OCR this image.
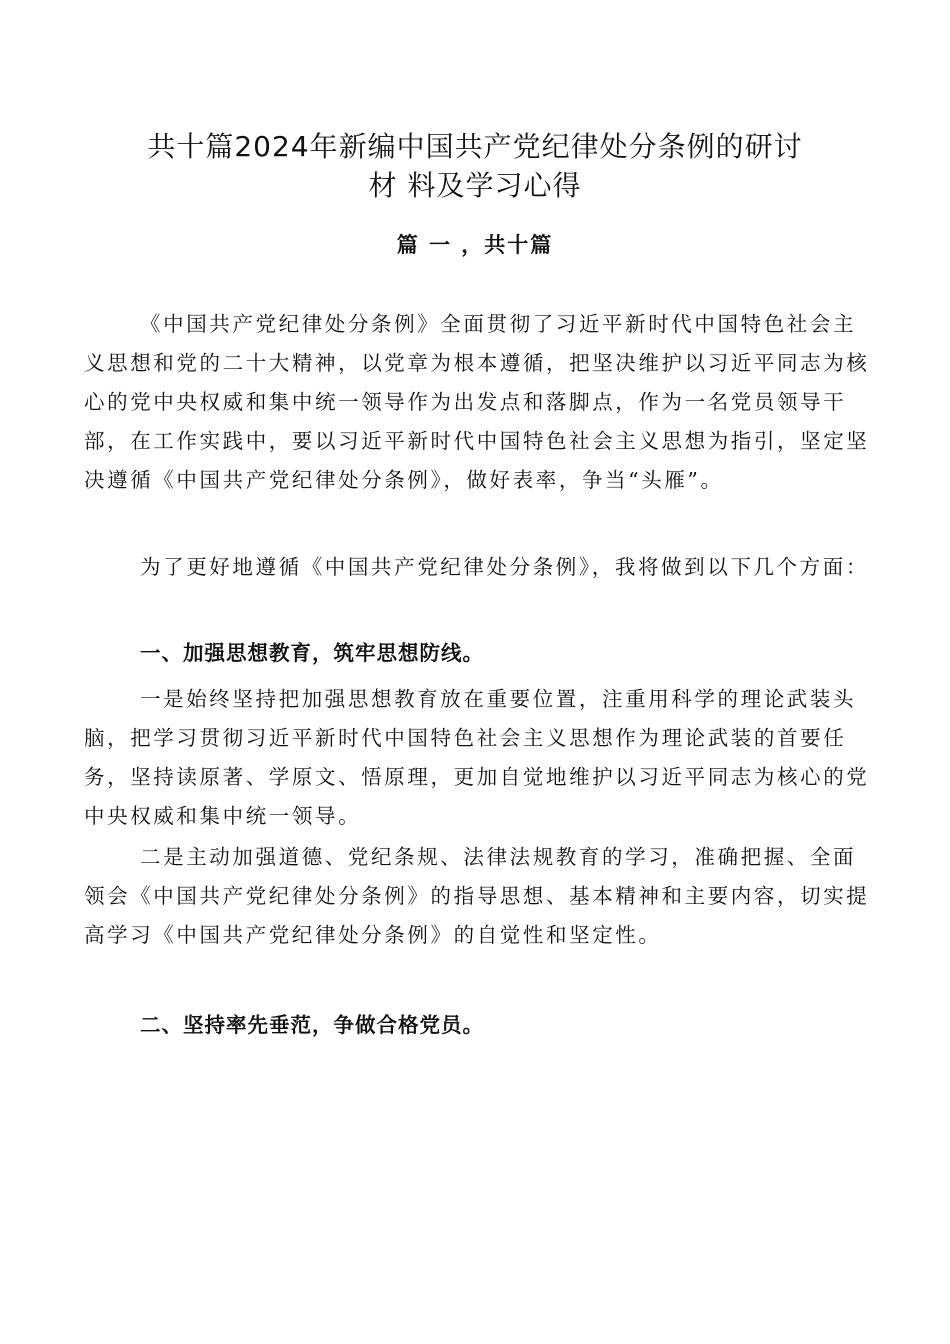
共十篇2024年新编中国共产党纪律处分条例的研讨
材 料及学习心得
篇 一 ，共十篇

《中国共产党纪律处分条例》全面贯彻了习近平新时代中国特色社会主义思想和党的二十大精神，以党章为根本遵循，把坚决维护以习近平同志为核心的党中央权威和集中统一领导作为出发点和落脚点，作为一名党员领导干部，在工作实践中，要以习近平新时代中国特色社会主义思想为指引，坚定坚决遵循《中国共产党纪律处分条例》，做好表率，争当“头雁”。

为了更好地遵循《中国共产党纪律处分条例》，我将做到以下几个方面：

一、加强思想教育，筑牢思想防线。

一是始终坚持把加强思想教育放在重要位置，注重用科学的理论武装头脑，把学习贯彻习近平新时代中国特色社会主义思想作为理论武装的首要任务，坚持读原著、学原文、悟原理，更加自觉地维护以习近平同志为核心的党中央权威和集中统一领导。

二是主动加强道德、党纪条规、法律法规教育的学习，准确把握、全面领会《中国共产党纪律处分条例》的指导思想、基本精神和主要内容，切实提高学习《中国共产党纪律处分条例》的自觉性和坚定性。

二、坚持率先垂范，争做合格党员。
